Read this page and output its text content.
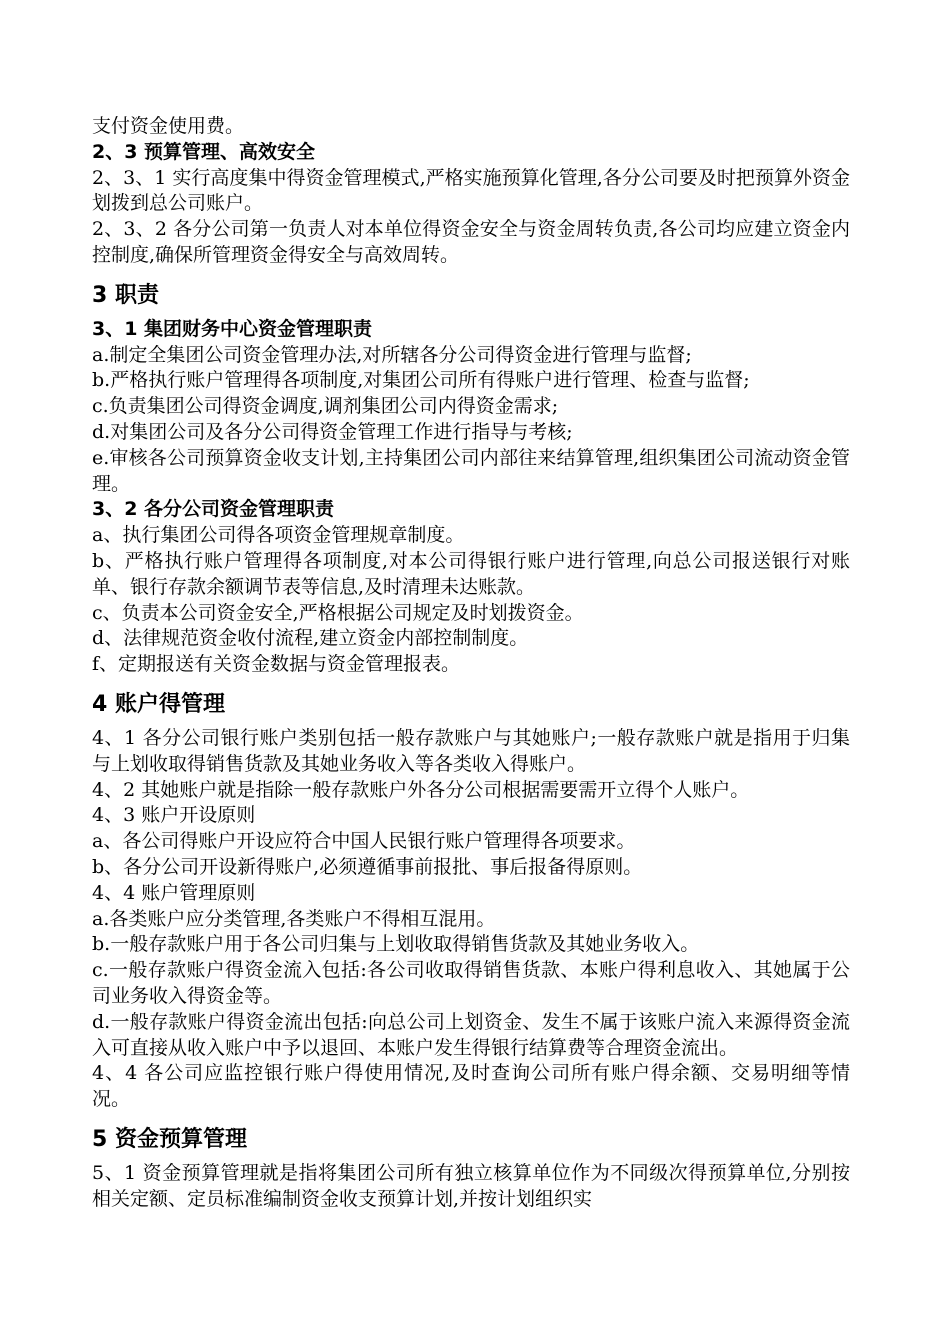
支付资金使用费。

2、3 预算管理、高效安全

2、3、1 实行高度集中得资金管理模式,严格实施预算化管理,各分公司要及时把预算外资金划拨到总公司账户。

2、3、2 各分公司第一负责人对本单位得资金安全与资金周转负责,各公司均应建立资金内控制度,确保所管理资金得安全与高效周转。

3 职责

3、1 集团财务中心资金管理职责

a.制定全集团公司资金管理办法,对所辖各分公司得资金进行管理与监督;

b.严格执行账户管理得各项制度,对集团公司所有得账户进行管理、检查与监督;

c.负责集团公司得资金调度,调剂集团公司内得资金需求;

d.对集团公司及各分公司得资金管理工作进行指导与考核;

e.审核各公司预算资金收支计划,主持集团公司内部往来结算管理,组织集团公司流动资金管理。

3、2 各分公司资金管理职责

a、执行集团公司得各项资金管理规章制度。

b、严格执行账户管理得各项制度,对本公司得银行账户进行管理,向总公司报送银行对账单、银行存款余额调节表等信息,及时清理未达账款。

c、负责本公司资金安全,严格根据公司规定及时划拨资金。

d、法律规范资金收付流程,建立资金内部控制制度。

f、定期报送有关资金数据与资金管理报表。

4 账户得管理

4、1 各分公司银行账户类别包括一般存款账户与其她账户;一般存款账户就是指用于归集与上划收取得销售货款及其她业务收入等各类收入得账户。

4、2 其她账户就是指除一般存款账户外各分公司根据需要需开立得个人账户。

4、3 账户开设原则

a、各公司得账户开设应符合中国人民银行账户管理得各项要求。

b、各分公司开设新得账户,必须遵循事前报批、事后报备得原则。

4、4 账户管理原则

a.各类账户应分类管理,各类账户不得相互混用。

b.一般存款账户用于各公司归集与上划收取得销售货款及其她业务收入。

c.一般存款账户得资金流入包括:各公司收取得销售货款、本账户得利息收入、其她属于公司业务收入得资金等。

d.一般存款账户得资金流出包括:向总公司上划资金、发生不属于该账户流入来源得资金流入可直接从收入账户中予以退回、本账户发生得银行结算费等合理资金流出。

4、4 各公司应监控银行账户得使用情况,及时查询公司所有账户得余额、交易明细等情况。

5 资金预算管理

5、1 资金预算管理就是指将集团公司所有独立核算单位作为不同级次得预算单位,分别按相关定额、定员标准编制资金收支预算计划,并按计划组织实
